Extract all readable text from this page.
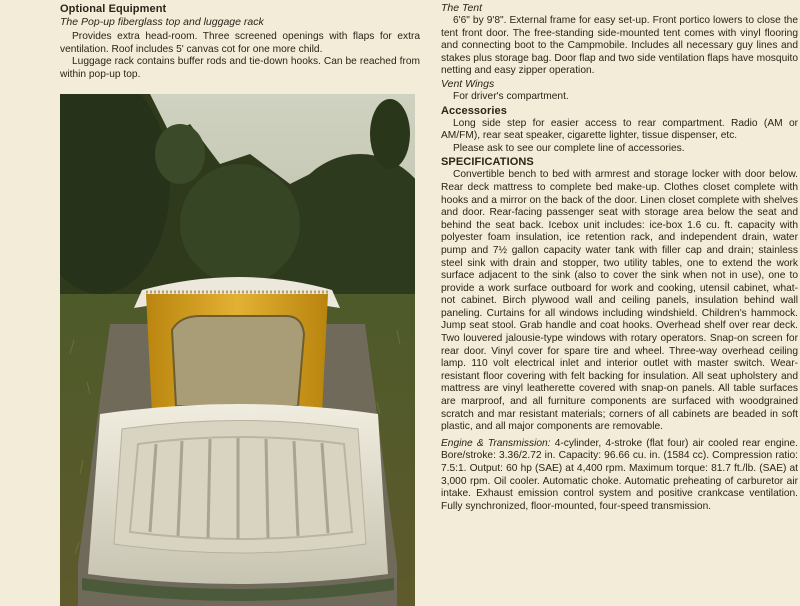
Optional Equipment
The Pop-up fiberglass top and luggage rack

Provides extra head-room. Three screened openings with flaps for extra ventilation. Roof includes 5' canvas cot for one more child.

Luggage rack contains buffer rods and tie-down hooks. Can be reached from within pop-up top.

The Tent

6'6" by 9'8". External frame for easy set-up. Front portico lowers to close the tent front door. The free-standing side-mounted tent comes with vinyl flooring and connecting boot to the Campmobile. Includes all necessary guy lines and stakes plus storage bag. Door flap and two side ventilation flaps have mosquito netting and easy zipper operation.

Vent Wings

For driver's compartment.

Accessories

Long side step for easier access to rear compartment. Radio (AM or AM/FM), rear seat speaker, cigarette lighter, tissue dispenser, etc.

Please ask to see our complete line of accessories.

SPECIFICATIONS

Convertible bench to bed with armrest and storage locker with door below. Rear deck mattress to complete bed make-up. Clothes closet complete with hooks and a mirror on the back of the door. Linen closet complete with shelves and door. Rear-facing passenger seat with storage area below the seat and behind the seat back. Icebox unit includes: ice-box 1.6 cu. ft. capacity with polyester foam insulation, ice retention rack, and independent drain, water pump and 7½ gallon capacity water tank with filler cap and drain; stainless steel sink with drain and stopper, two utility tables, one to extend the work surface adjacent to the sink (also to cover the sink when not in use), one to provide a work surface outboard for work and cooking, utensil cabinet, what-not cabinet. Birch plywood wall and ceiling panels, insulation behind wall paneling. Curtains for all windows including windshield. Children's hammock. Jump seat stool. Grab handle and coat hooks. Overhead shelf over rear deck. Two louvered jalousie-type windows with rotary operators. Snap-on screen for rear door. Vinyl cover for spare tire and wheel. Three-way overhead ceiling lamp. 110 volt electrical inlet and interior outlet with master switch. Wear-resistant floor covering with felt backing for insulation. All seat upholstery and mattress are vinyl leatherette covered with snap-on panels. All table surfaces are marproof, and all furniture components are surfaced with woodgrained scratch and mar resistant materials; corners of all cabinets are beaded in soft plastic, and all major components are removable.

Engine & Transmission: 4-cylinder, 4-stroke (flat four) air cooled rear engine. Bore/stroke: 3.36/2.72 in. Capacity: 96.66 cu. in. (1584 cc). Compression ratio: 7.5:1. Output: 60 hp (SAE) at 4,400 rpm. Maximum torque: 81.7 ft./lb. (SAE) at 3,000 rpm. Oil cooler. Automatic choke. Automatic preheating of carburetor air intake. Exhaust emission control system and positive crankcase ventilation. Fully synchronized, floor-mounted, four-speed transmission.
